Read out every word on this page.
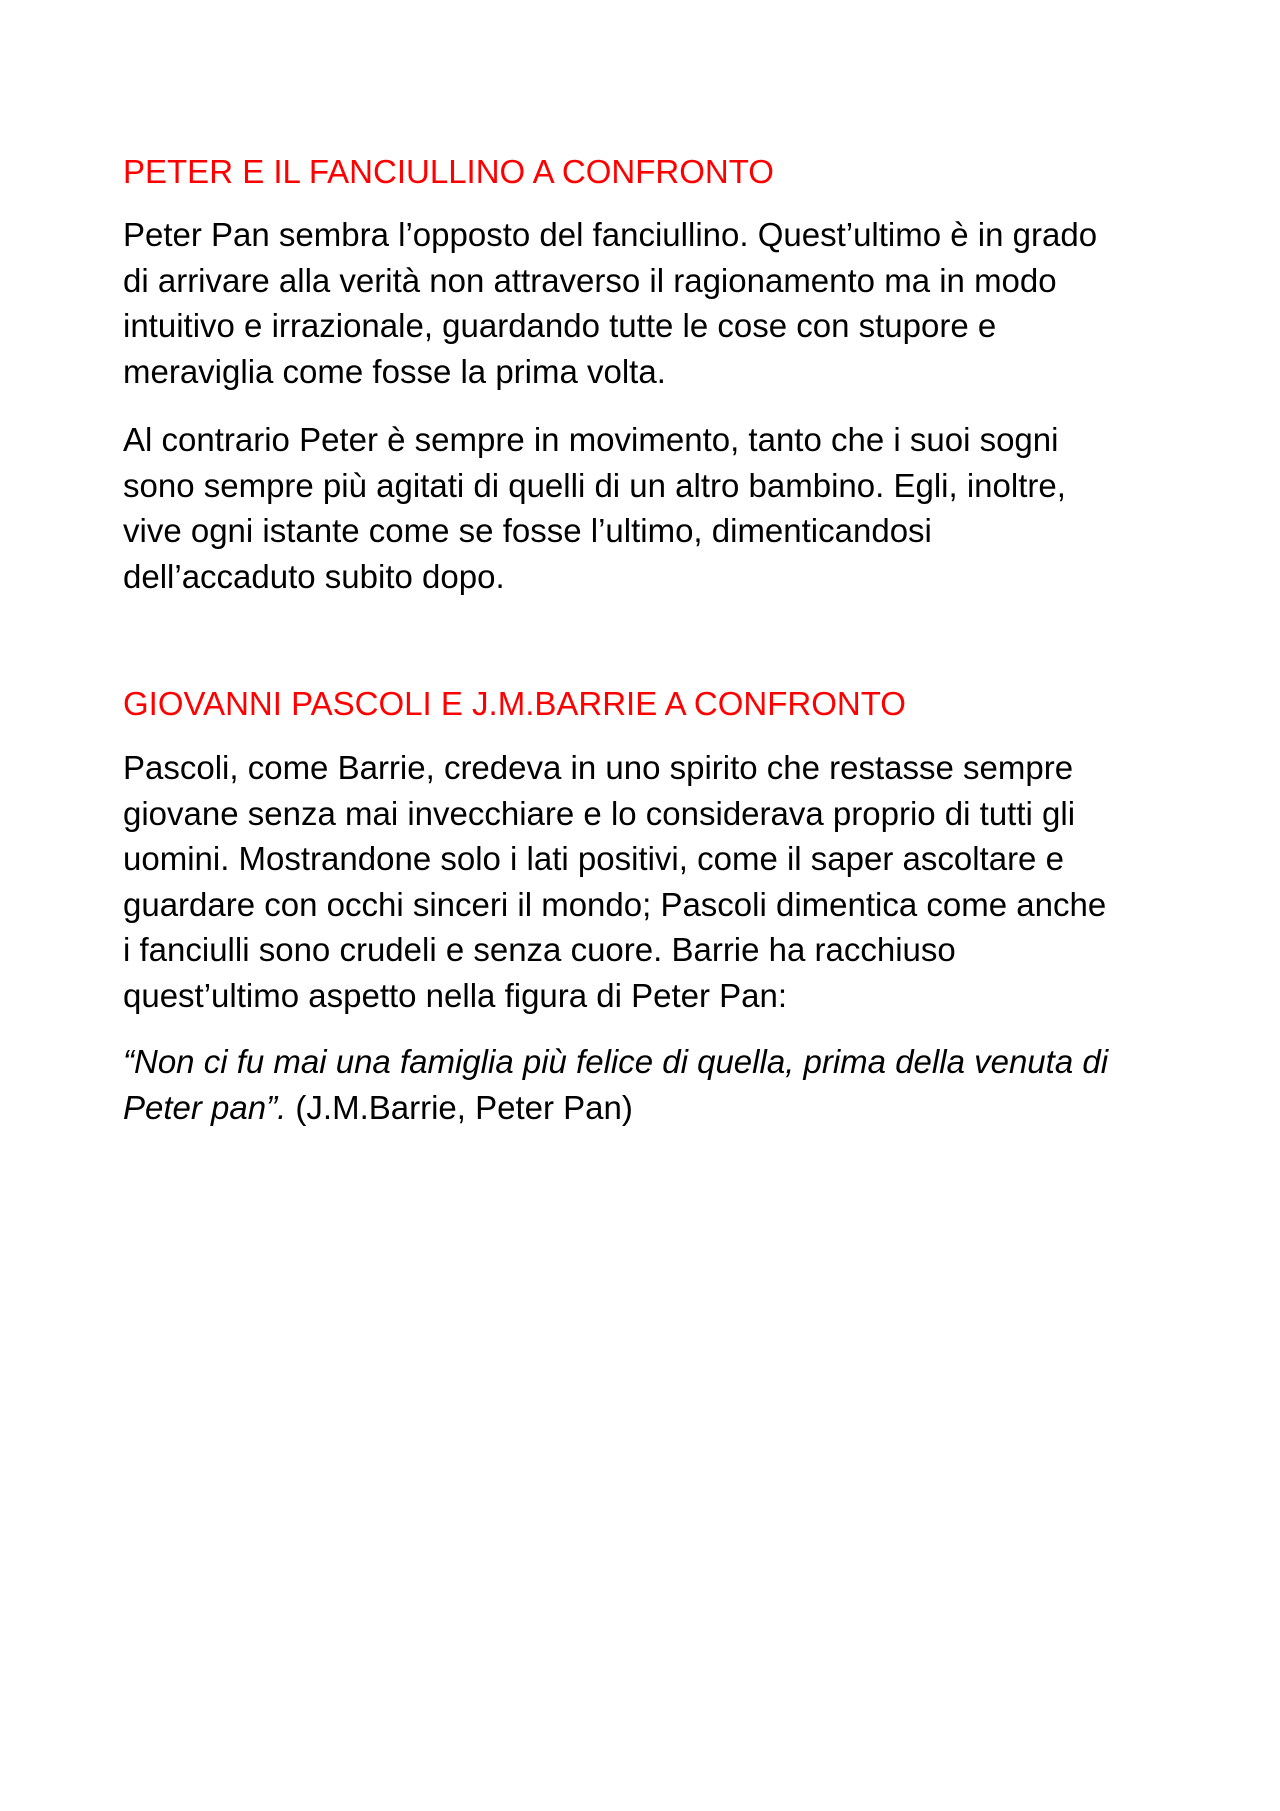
PETER E IL FANCIULLINO A CONFRONTO

Peter Pan sembra l’opposto del fanciullino. Quest’ultimo è in grado
di arrivare alla verità non attraverso il ragionamento ma in modo
intuitivo e irrazionale, guardando tutte le cose con stupore e
meraviglia come fosse la prima volta.

Al contrario Peter è sempre in movimento, tanto che i suoi sogni
sono sempre più agitati di quelli di un altro bambino. Egli, inoltre,
vive ogni istante come se fosse l’ultimo, dimenticandosi
dell’accaduto subito dopo.

GIOVANNI PASCOLI E J.M.BARRIE A CONFRONTO

Pascoli, come Barrie, credeva in uno spirito che restasse sempre
giovane senza mai invecchiare e lo considerava proprio di tutti gli
uomini. Mostrandone solo i lati positivi, come il saper ascoltare e
guardare con occhi sinceri il mondo; Pascoli dimentica come anche
i fanciulli sono crudeli e senza cuore. Barrie ha racchiuso
quest’ultimo aspetto nella figura di Peter Pan:

“Non ci fu mai una famiglia più felice di quella, prima della venuta di
Peter pan”. (J.M.Barrie, Peter Pan)
